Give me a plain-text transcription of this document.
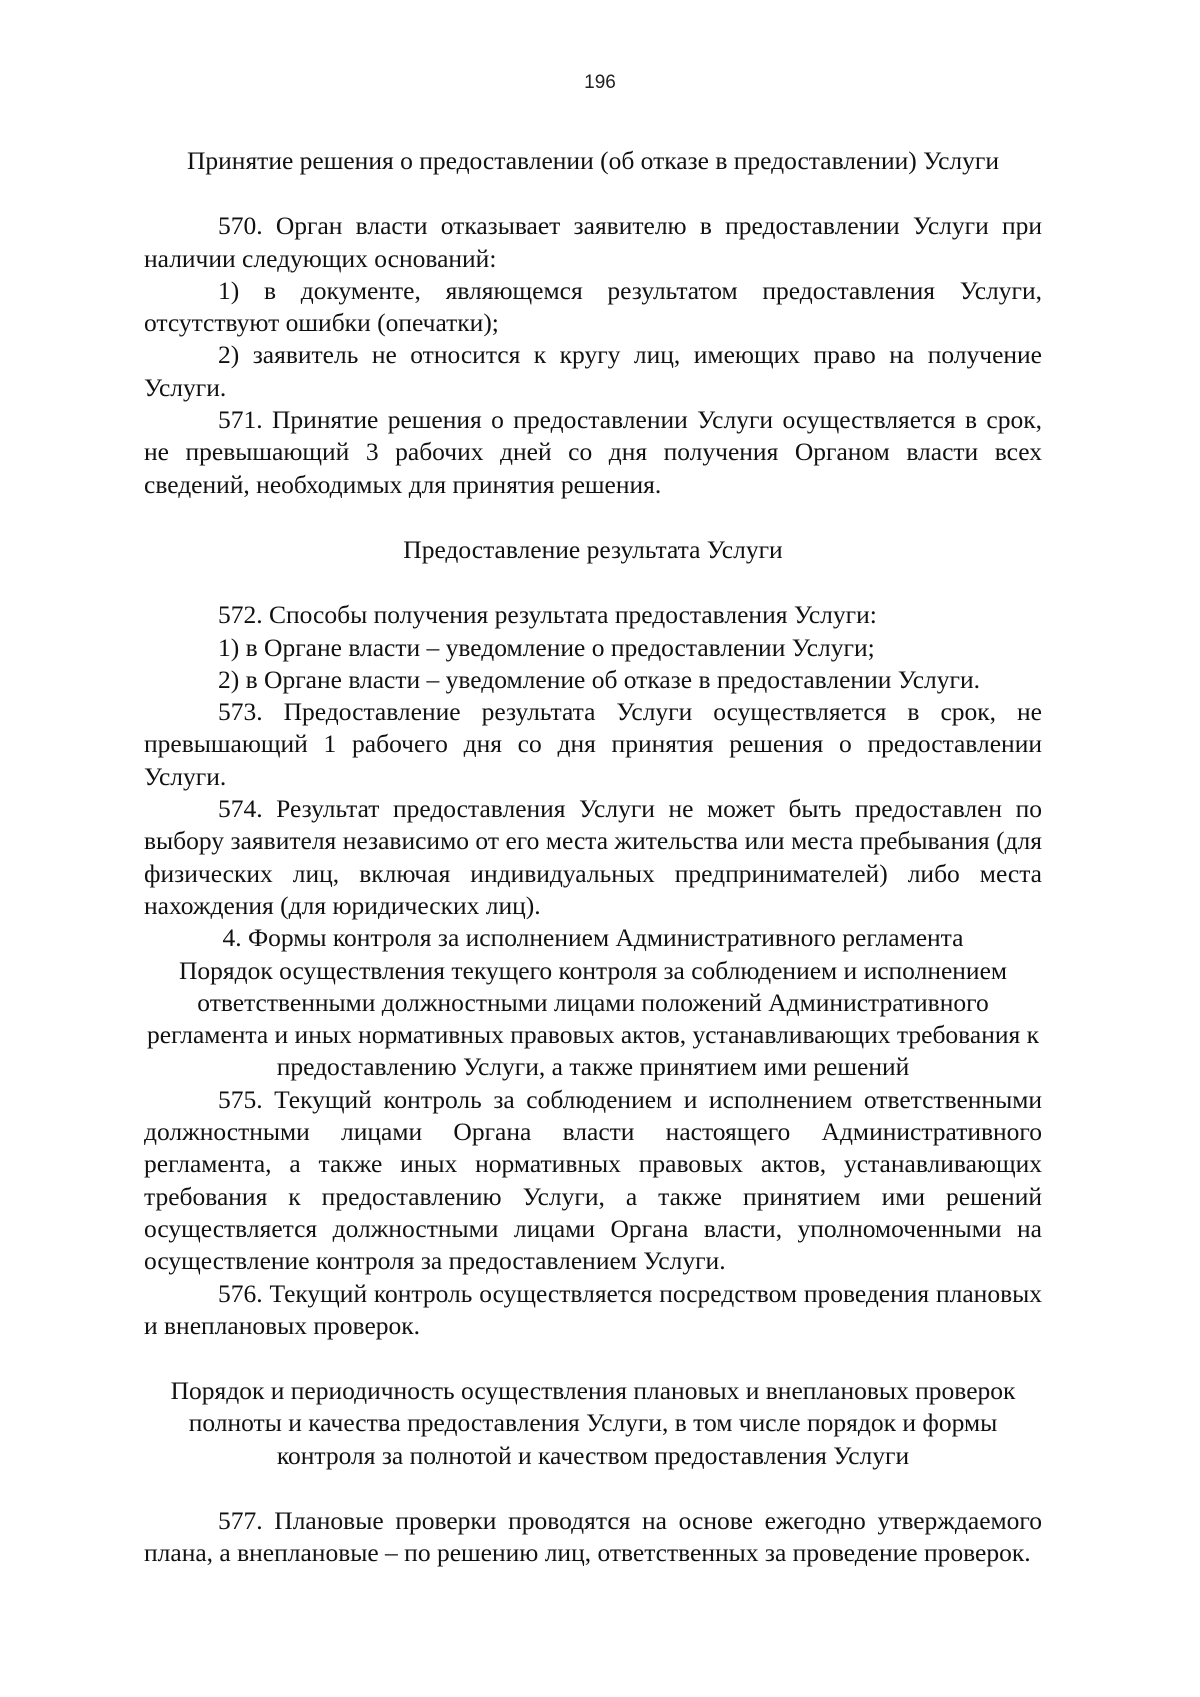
196

Принятие решения о предоставлении (об отказе в предоставлении) Услуги

570. Орган власти отказывает заявителю в предоставлении Услуги при наличии следующих оснований:

1) в документе, являющемся результатом предоставления Услуги, отсутствуют ошибки (опечатки);

2) заявитель не относится к кругу лиц, имеющих право на получение Услуги.

571. Принятие решения о предоставлении Услуги осуществляется в срок, не превышающий 3 рабочих дней со дня получения Органом власти всех сведений, необходимых для принятия решения.

Предоставление результата Услуги

572. Способы получения результата предоставления Услуги:

1) в Органе власти – уведомление о предоставлении Услуги;

2) в Органе власти – уведомление об отказе в предоставлении Услуги.

573. Предоставление результата Услуги осуществляется в срок, не превышающий 1 рабочего дня со дня принятия решения о предоставлении Услуги.

574. Результат предоставления Услуги не может быть предоставлен по выбору заявителя независимо от его места жительства или места пребывания (для физических лиц, включая индивидуальных предпринимателей) либо места нахождения (для юридических лиц).

4. Формы контроля за исполнением Административного регламента

Порядок осуществления текущего контроля за соблюдением и исполнением ответственными должностными лицами положений Административного регламента и иных нормативных правовых актов, устанавливающих требования к предоставлению Услуги, а также принятием ими решений

575. Текущий контроль за соблюдением и исполнением ответственными должностными лицами Органа власти настоящего Административного регламента, а также иных нормативных правовых актов, устанавливающих требования к предоставлению Услуги, а также принятием ими решений осуществляется должностными лицами Органа власти, уполномоченными на осуществление контроля за предоставлением Услуги.

576. Текущий контроль осуществляется посредством проведения плановых и внеплановых проверок.

Порядок и периодичность осуществления плановых и внеплановых проверок полноты и качества предоставления Услуги, в том числе порядок и формы контроля за полнотой и качеством предоставления Услуги

577. Плановые проверки проводятся на основе ежегодно утверждаемого плана, а внеплановые – по решению лиц, ответственных за проведение проверок.
